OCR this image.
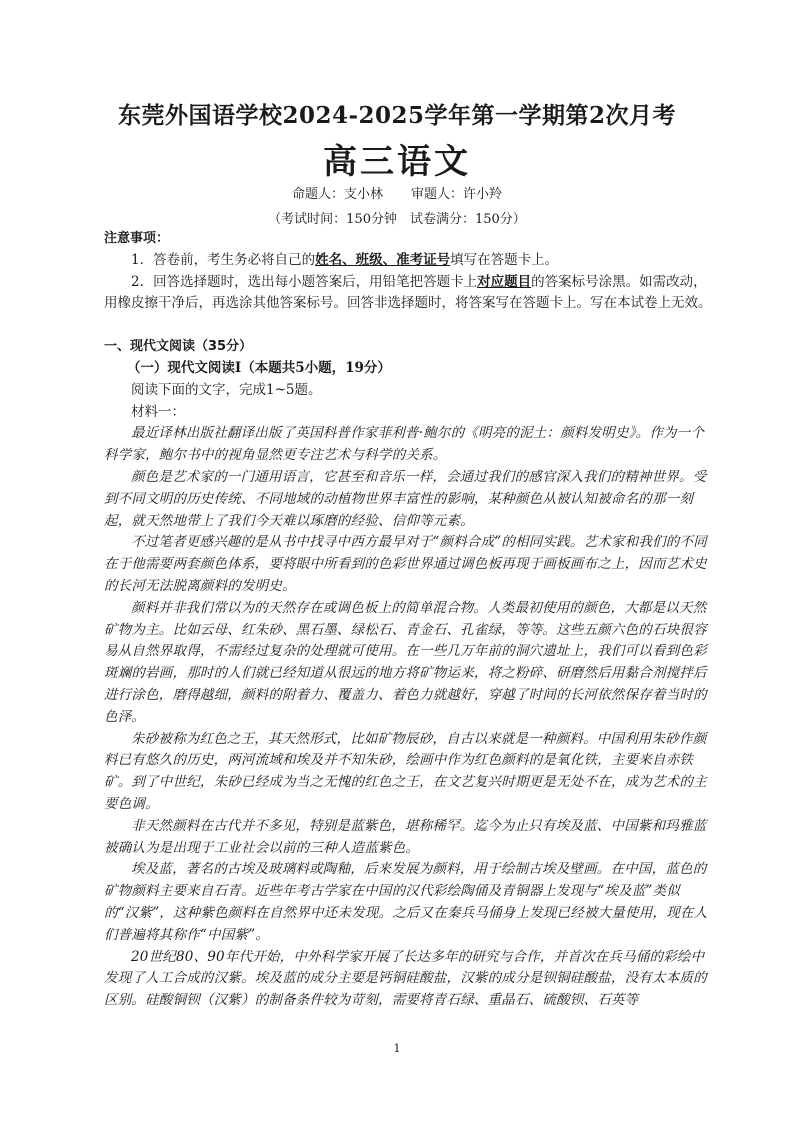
东莞外国语学校2024-2025学年第一学期第2次月考
高三语文
命题人：支小林 审题人：许小羚
（考试时间：150分钟　试卷满分：150分）

注意事项：

1．答卷前，考生务必将自己的姓名、班级、准考证号填写在答题卡上。

2．回答选择题时，选出每小题答案后，用铅笔把答题卡上对应题目的答案标号涂黑。如需改动，用橡皮擦干净后，再选涂其他答案标号。回答非选择题时，将答案写在答题卡上。写在本试卷上无效。

一、现代文阅读（35分）

（一）现代文阅读Ⅰ（本题共5小题，19分）

阅读下面的文字，完成1~5题。

材料一：

最近译林出版社翻译出版了英国科普作家菲利普·鲍尔的《明亮的泥土：颜料发明史》。作为一个科学家，鲍尔书中的视角显然更专注艺术与科学的关系。

颜色是艺术家的一门通用语言，它甚至和音乐一样，会通过我们的感官深入我们的精神世界。受到不同文明的历史传统、不同地域的动植物世界丰富性的影响，某种颜色从被认知被命名的那一刻起，就天然地带上了我们今天难以琢磨的经验、信仰等元素。

不过笔者更感兴趣的是从书中找寻中西方最早对于“颜料合成”的相同实践。艺术家和我们的不同在于他需要两套颜色体系，要将眼中所看到的色彩世界通过调色板再现于画板画布之上，因而艺术史的长河无法脱离颜料的发明史。

颜料并非我们常以为的天然存在或调色板上的简单混合物。人类最初使用的颜色，大都是以天然矿物为主。比如云母、红朱砂、黑石墨、绿松石、青金石、孔雀绿，等等。这些五颜六色的石块很容易从自然界取得，不需经过复杂的处理就可使用。在一些几万年前的洞穴遗址上，我们可以看到色彩斑斓的岩画，那时的人们就已经知道从很远的地方将矿物运来，将之粉碎、研磨然后用黏合剂搅拌后进行涂色，磨得越细，颜料的附着力、覆盖力、着色力就越好，穿越了时间的长河依然保存着当时的色泽。

朱砂被称为红色之王，其天然形式，比如矿物辰砂，自古以来就是一种颜料。中国利用朱砂作颜料已有悠久的历史，两河流域和埃及并不知朱砂，绘画中作为红色颜料的是氧化铁，主要来自赤铁矿。到了中世纪，朱砂已经成为当之无愧的红色之王，在文艺复兴时期更是无处不在，成为艺术的主要色调。

非天然颜料在古代并不多见，特别是蓝紫色，堪称稀罕。迄今为止只有埃及蓝、中国紫和玛雅蓝被确认为是出现于工业社会以前的三种人造蓝紫色。

埃及蓝，著名的古埃及玻璃料或陶釉，后来发展为颜料，用于绘制古埃及壁画。在中国，蓝色的矿物颜料主要来自石青。近些年考古学家在中国的汉代彩绘陶俑及青铜器上发现与“埃及蓝”类似的“汉紫”，这种紫色颜料在自然界中还未发现。之后又在秦兵马俑身上发现已经被大量使用，现在人们普遍将其称作“中国紫”。

20世纪80、90年代开始，中外科学家开展了长达多年的研究与合作，并首次在兵马俑的彩绘中发现了人工合成的汉紫。埃及蓝的成分主要是钙铜硅酸盐，汉紫的成分是钡铜硅酸盐，没有太本质的区别。硅酸铜钡（汉紫）的制备条件较为苛刻，需要将青石绿、重晶石、硫酸钡、石英等

1
